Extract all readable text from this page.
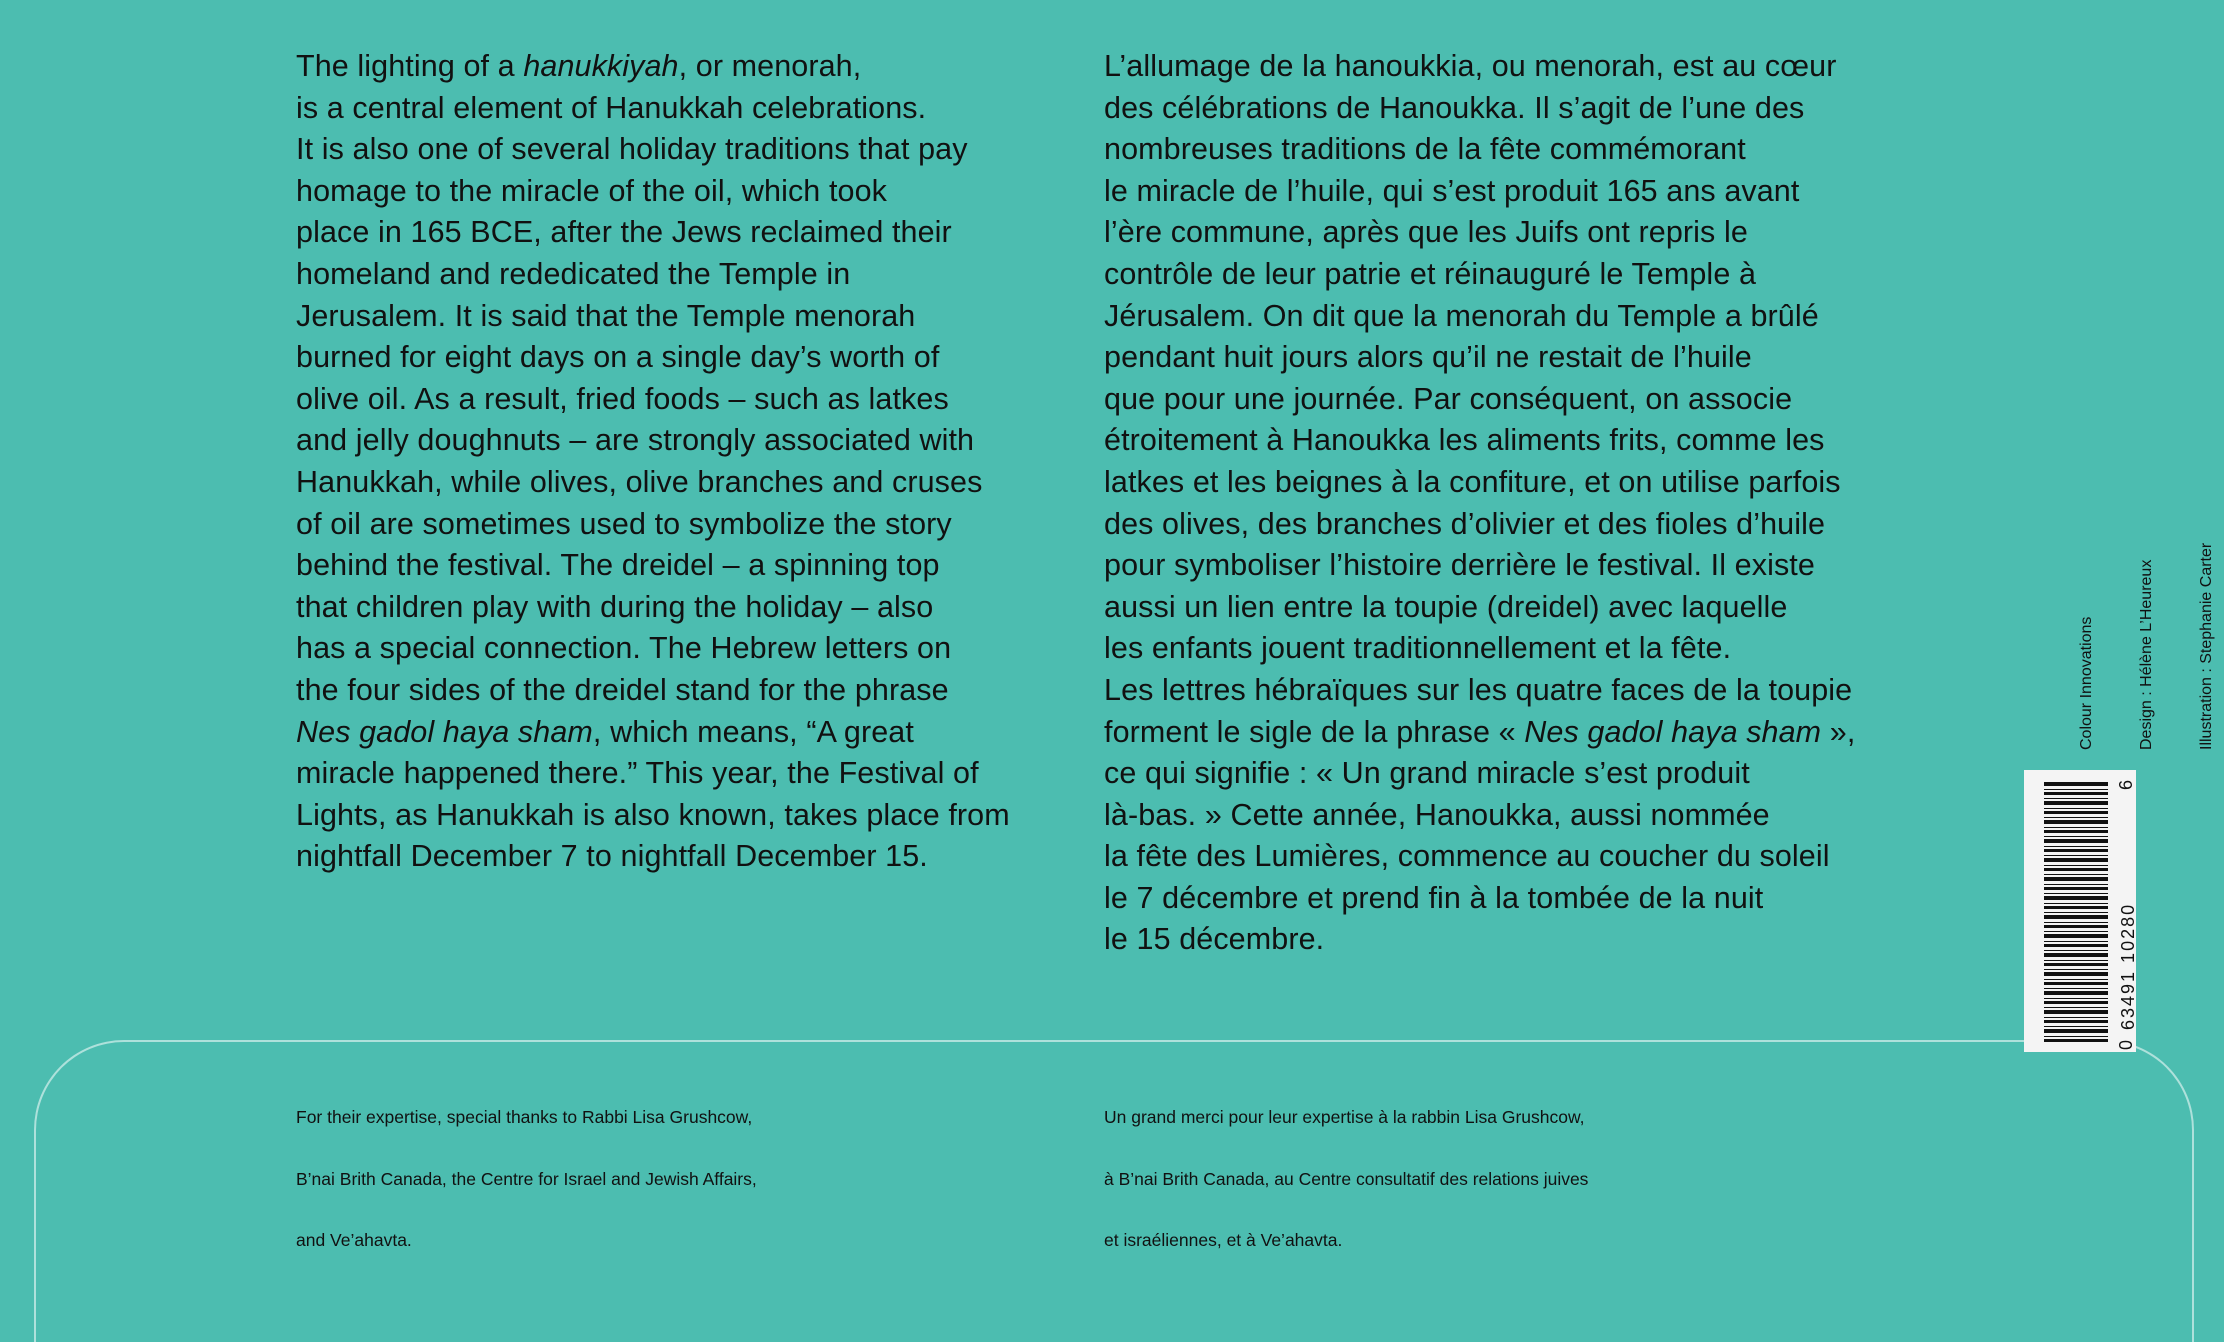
The lighting of a hanukkiyah, or menorah,
is a central element of Hanukkah celebrations.
It is also one of several holiday traditions that pay
homage to the miracle of the oil, which took
place in 165 BCE, after the Jews reclaimed their
homeland and rededicated the Temple in
Jerusalem. It is said that the Temple menorah
burned for eight days on a single day’s worth of
olive oil. As a result, fried foods – such as latkes
and jelly doughnuts – are strongly associated with
Hanukkah, while olives, olive branches and cruses
of oil are sometimes used to symbolize the story
behind the festival. The dreidel – a spinning top
that children play with during the holiday – also
has a special connection. The Hebrew letters on
the four sides of the dreidel stand for the phrase
Nes gadol haya sham, which means, “A great
miracle happened there.” This year, the Festival of
Lights, as Hanukkah is also known, takes place from
nightfall December 7 to nightfall December 15.
L’allumage de la hanoukkia, ou menorah, est au cœur
des célébrations de Hanoukka. Il s’agit de l’une des
nombreuses traditions de la fête commémorant
le miracle de l’huile, qui s’est produit 165 ans avant
l’ère commune, après que les Juifs ont repris le
contrôle de leur patrie et réinauguré le Temple à
Jérusalem. On dit que la menorah du Temple a brûlé
pendant huit jours alors qu’il ne restait de l’huile
que pour une journée. Par conséquent, on associe
étroitement à Hanoukka les aliments frits, comme les
latkes et les beignes à la confiture, et on utilise parfois
des olives, des branches d’olivier et des fioles d’huile
pour symboliser l’histoire derrière le festival. Il existe
aussi un lien entre la toupie (dreidel) avec laquelle
les enfants jouent traditionnellement et la fête.
Les lettres hébraïques sur les quatre faces de la toupie
forment le sigle de la phrase « Nes gadol haya sham »,
ce qui signifie : « Un grand miracle s’est produit
là-bas. » Cette année, Hanoukka, aussi nommée
la fête des Lumières, commence au coucher du soleil
le 7 décembre et prend fin à la tombée de la nuit
le 15 décembre.

For their expertise, special thanks to Rabbi Lisa Grushcow,

B’nai Brith Canada, the Centre for Israel and Jewish Affairs,

and Ve’ahavta.

Un grand merci pour leur expertise à la rabbin Lisa Grushcow,

à B’nai Brith Canada, au Centre consultatif des relations juives

et israéliennes, et à Ve’ahavta.

Colour Innovations

	Design : Hélène L’Heureux

	Illustration : Stephanie Carter

0
63491 10280
6
